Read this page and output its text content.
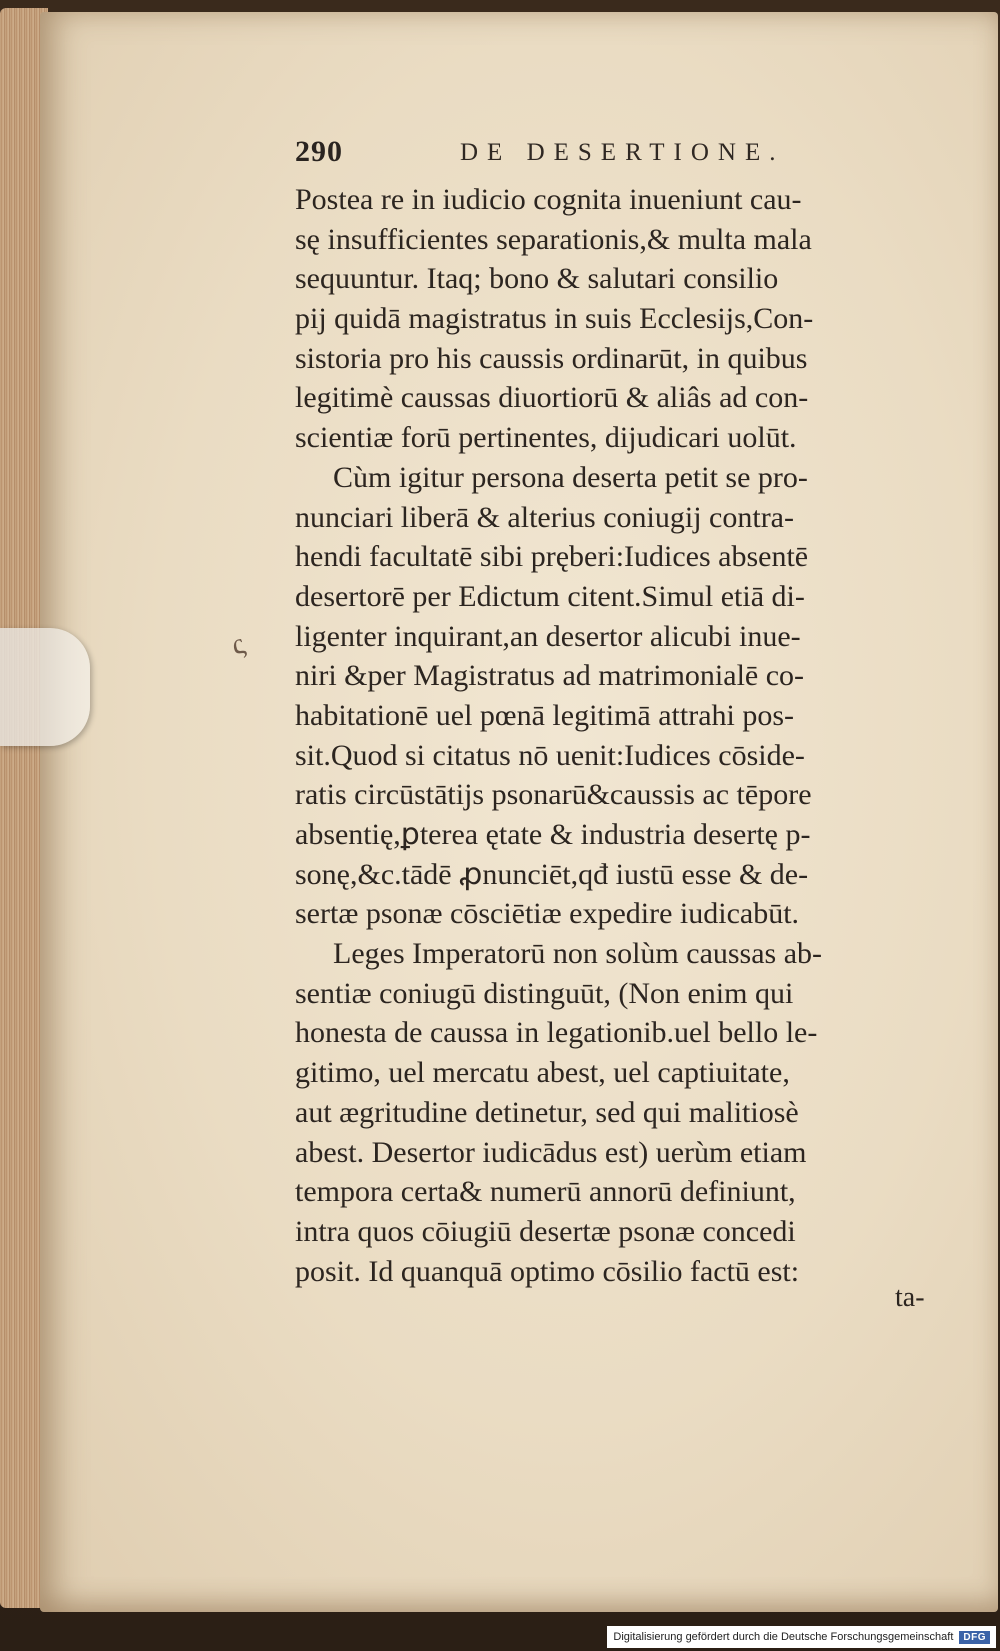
290	DE DESERTIONE.
ς
Postea re in iudicio cognita inueniunt cau-
sę insufficientes separationis,& multa mala
sequuntur. Itaq; bono & salutari consilio
pij quidā magistratus in suis Ecclesijs,Con-
sistoria pro his caussis ordinarūt, in quibus
legitimè caussas diuortiorū & aliâs ad con-
scientiæ forū pertinentes, dijudicari uolūt.
Cùm igitur persona deserta petit se pro-
nunciari liberā & alterius coniugij contra-
hendi facultatē sibi pręberi:Iudices absentē
desertorē per Edictum citent.Simul etiā di-
ligenter inquirant,an desertor alicubi inue-
niri &per Magistratus ad matrimonialē co-
habitationē uel pœnā legitimā attrahi pos-
sit.Quod si citatus nō uenit:Iudices cōside-
ratis circūstātijs psonarū&caussis ac tēpore
absentię,ꝑterea ętate & industria desertę p-
sonę,&c.tādē ꝓnunciēt,qđ iustū esse & de-
sertæ psonæ cōsciētiæ expedire iudicabūt.
Leges Imperatorū non solùm caussas ab-
sentiæ coniugū distinguūt, (Non enim qui
honesta de caussa in legationib.uel bello le-
gitimo, uel mercatu abest, uel captiuitate,
aut ægritudine detinetur, sed qui malitiosè
abest. Desertor iudicādus est) uerùm etiam
tempora certa& numerū annorū definiunt,
intra quos cōiugiū desertæ psonæ concedi
posit. Id quanquā optimo cōsilio factū est:
ta-
Digitalisierung gefördert durch die Deutsche Forschungsgemeinschaft	DFG
